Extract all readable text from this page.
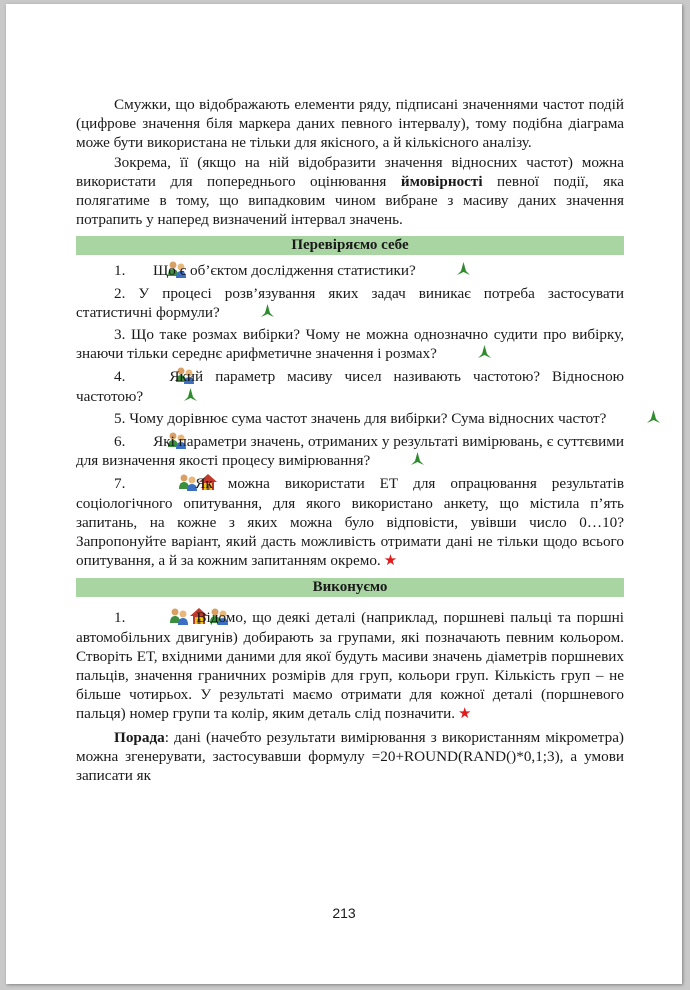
Смужки, що відображають елементи ряду, підписані значеннями частот подій (цифрове значення біля маркера даних певного інтервалу), тому подібна діаграма може бути використана не тільки для якісного, а й кількісного аналізу.

Зокрема, її (якщо на ній відобразити значення відносних частот) можна використати для попереднього оцінювання ймовірності певної події, яка полягатиме в тому, що випадковим чином вибране з масиву даних значення потрапить у наперед визначений інтервал значень.

Перевіряємо себе

1. Що є об’єктом дослідження статистики?

2. У процесі розв’язування яких задач виникає потреба застосувати статистичні формули?

3. Що таке розмах вибірки? Чому не можна однозначно судити про вибірку, знаючи тільки середнє арифметичне значення і розмах?

4.	Який параметр масиву чисел називають частотою? Відносною частотою?

5. Чому дорівнює сума частот значень для вибірки? Сума відносних частот?

6. Які параметри значень, отриманих у результаті вимірювань, є суттєвими для визначення якості процесу вимірювання?

7.	Як можна використати ЕТ для опрацювання результатів соціологічного опитування, для якого використано анкету, що містила п’ять запитань, на кожне з яких можна було відповісти, увівши число 0…10? Запропонуйте варіант, який дасть можливість отримати дані не тільки щодо всього опитування, а й за кожним запитанням окремо. ★

Виконуємо

1.	Відомо, що деякі деталі (наприклад, поршневі пальці та поршні автомобільних двигунів) добирають за групами, які позначають певним кольором. Створіть ЕТ, вхідними даними для якої будуть масиви значень діаметрів поршневих пальців, значення граничних розмірів для груп, кольори груп. Кількість груп – не більше чотирьох. У результаті маємо отримати для кожної деталі (поршневого пальця) номер групи та колір, яким деталь слід позначити. ★

Порада: дані (начебто результати вимірювання з використанням мікрометра) можна згенерувати, застосувавши формулу =20+ROUND(RAND()*0,1;3), а умови записати як

213
